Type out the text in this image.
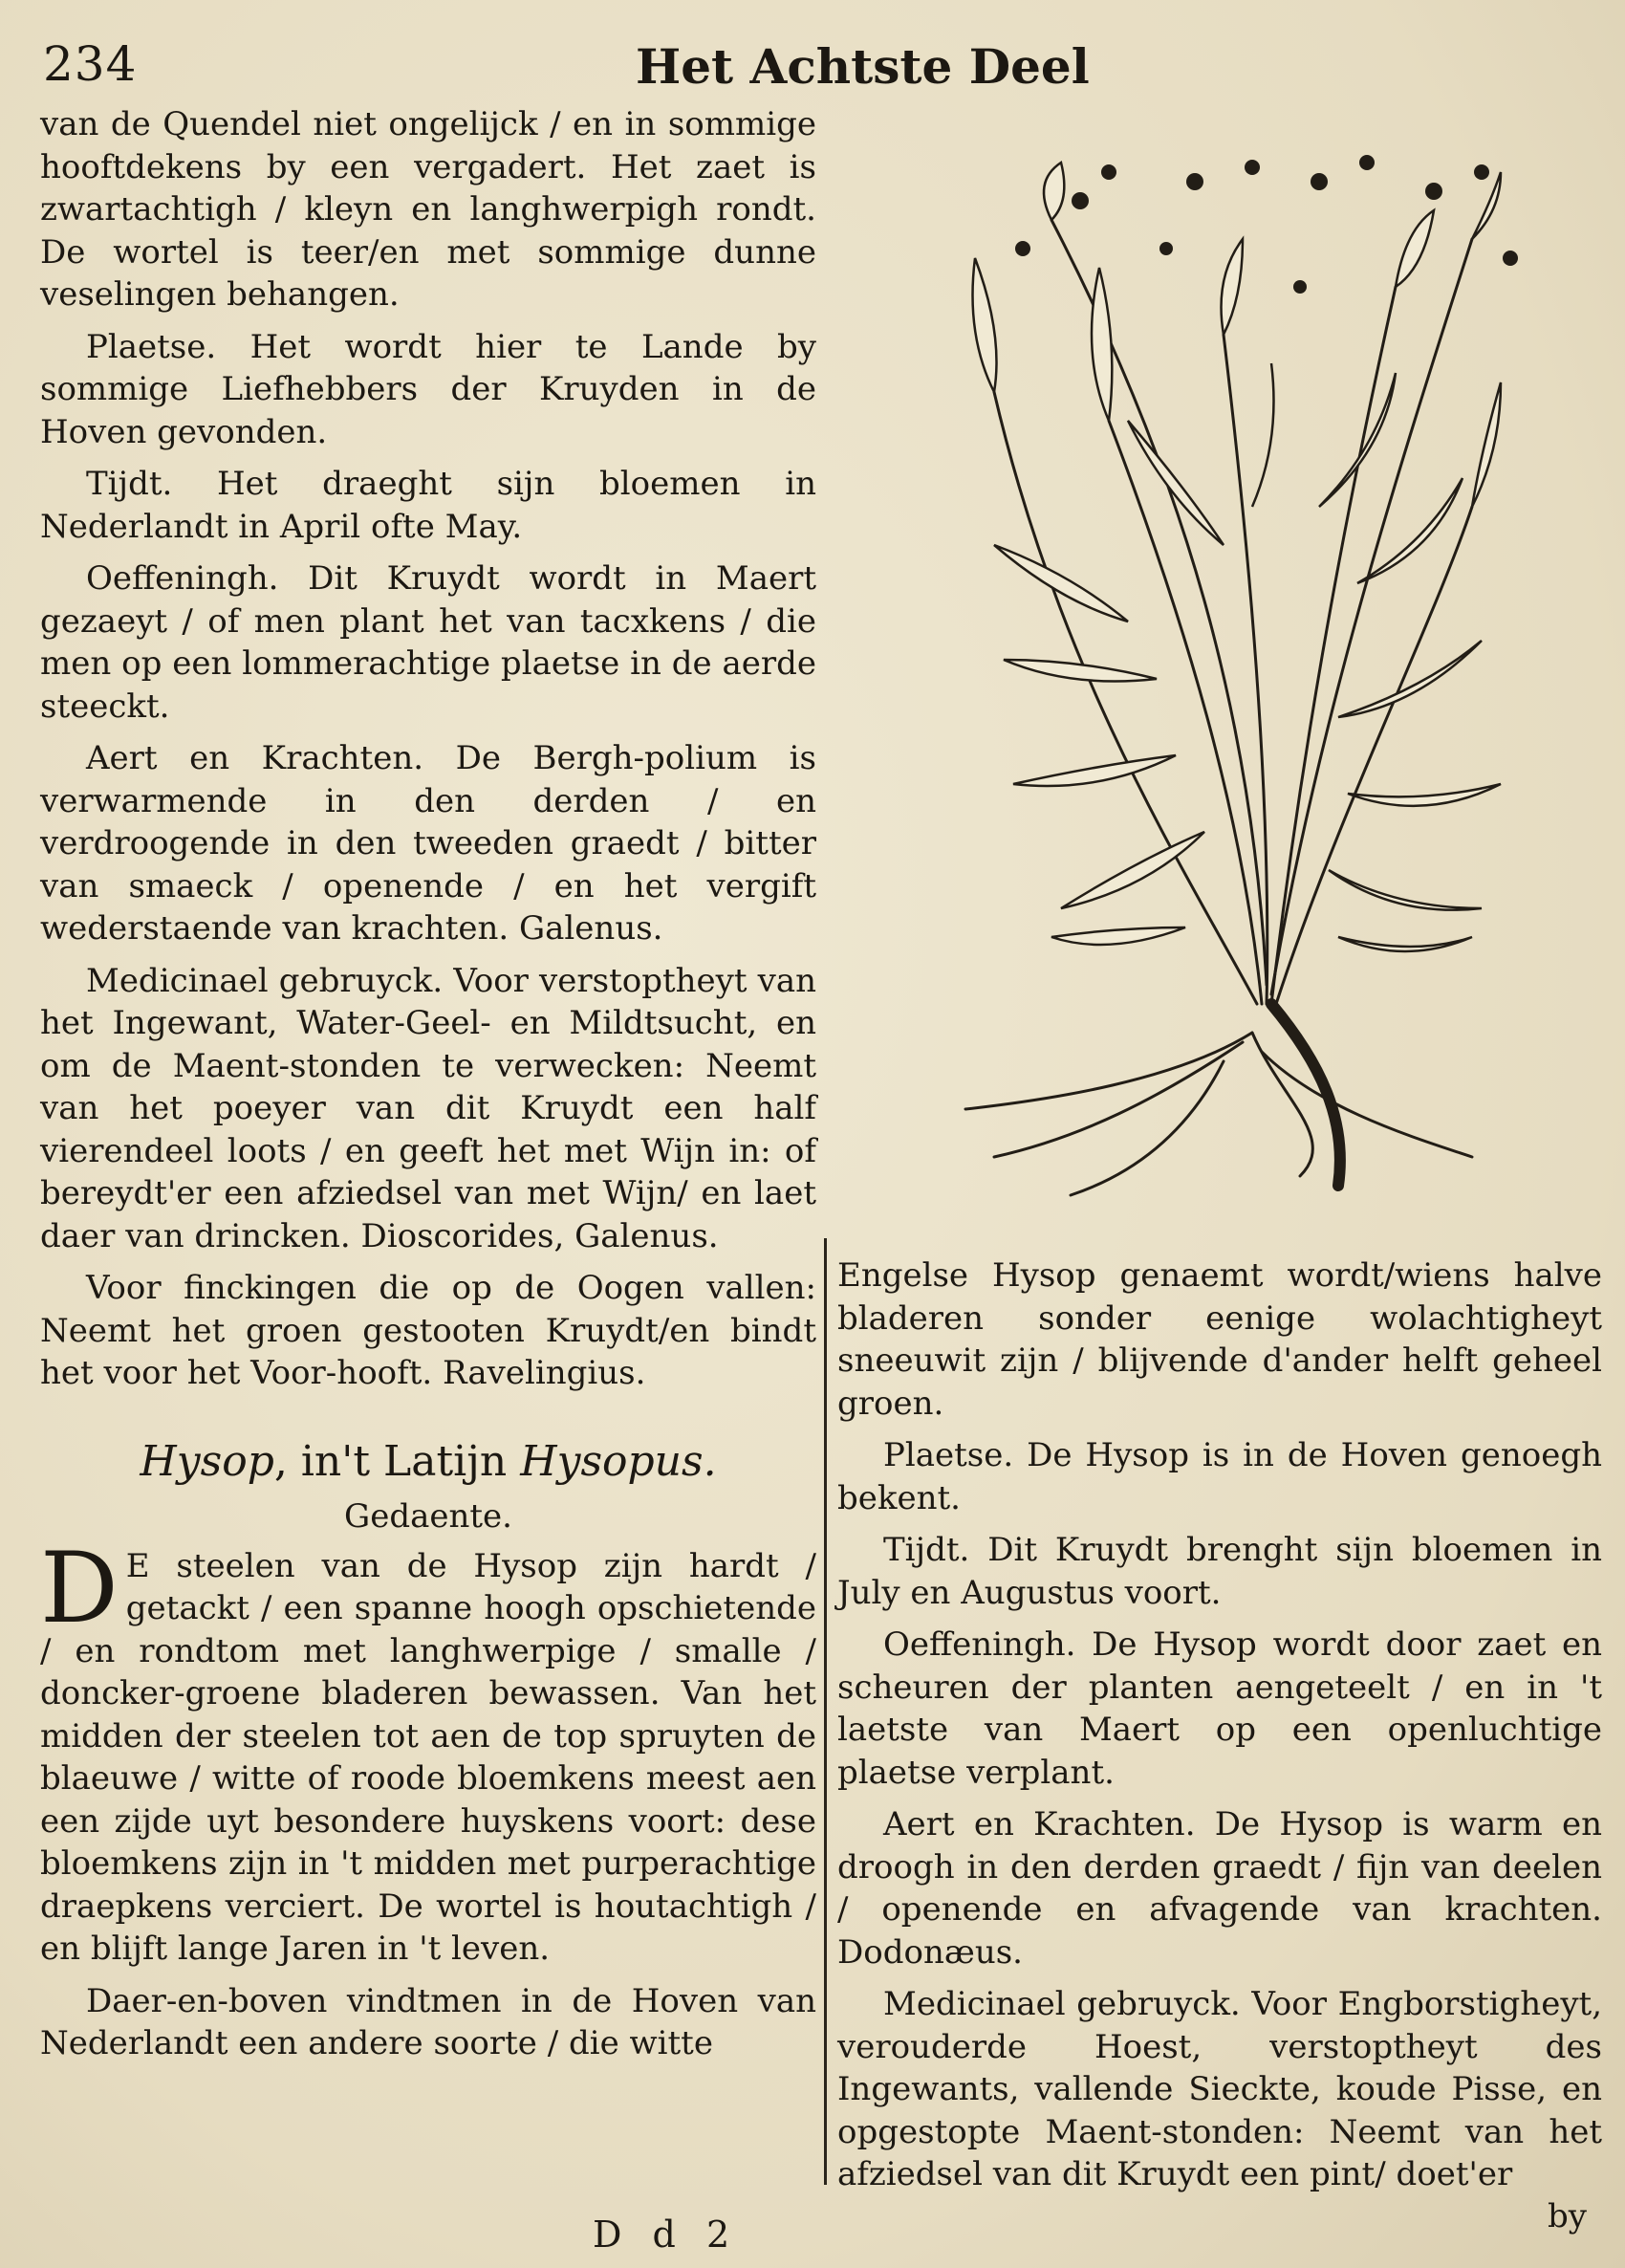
234	Het Achtste Deel

van de Quendel niet ongelijck / en in sommige hooftdekens by een vergadert. Het zaet is zwartachtigh / kleyn en langhwerpigh rondt. De wortel is teer/en met sommige dunne veselingen behangen.

Plaetse. Het wordt hier te Lande by sommige Liefhebbers der Kruyden in de Hoven gevonden.

Tijdt. Het draeght sijn bloemen in Nederlandt in April ofte May.

Oeffeningh. Dit Kruydt wordt in Maert gezaeyt / of men plant het van tacxkens / die men op een lommerachtige plaetse in de aerde steeckt.

Aert en Krachten. De Bergh-polium is verwarmende in den derden / en verdroogende in den tweeden graedt / bitter van smaeck / openende / en het vergift wederstaende van krachten. Galenus.

Medicinael gebruyck. Voor verstoptheyt van het Ingewant, Water-Geel- en Mildtsucht, en om de Maent-stonden te verwecken: Neemt van het poeyer van dit Kruydt een half vierendeel loots / en geeft het met Wijn in: of bereydt'er een afziedsel van met Wijn/ en laet daer van drincken. Dioscorides, Galenus.

Voor finckingen die op de Oogen vallen: Neemt het groen gestooten Kruydt/en bindt het voor het Voor-hooft. Ravelingius.

Hysop, in't Latijn Hysopus.
Gedaente.

D E steelen van de Hysop zijn hardt / getackt / een spanne hoogh opschietende / en rondtom met langhwerpige / smalle / doncker-groene bladeren bewassen. Van het midden der steelen tot aen de top spruyten de blaeuwe / witte of roode bloemkens meest aen een zijde uyt besondere huyskens voort: dese bloemkens zijn in 't midden met purperachtige draepkens verciert. De wortel is houtachtigh / en blijft lange Jaren in 't leven.

Daer-en-boven vindtmen in de Hoven van Nederlandt een andere soorte / die witte

Engelse Hysop genaemt wordt/wiens halve bladeren sonder eenige wolachtigheyt sneeuwit zijn / blijvende d'ander helft geheel groen.

Plaetse. De Hysop is in de Hoven genoegh bekent.

Tijdt. Dit Kruydt brenght sijn bloemen in July en Augustus voort.

Oeffeningh. De Hysop wordt door zaet en scheuren der planten aengeteelt / en in 't laetste van Maert op een openluchtige plaetse verplant.

Aert en Krachten. De Hysop is warm en droogh in den derden graedt / fijn van deelen / openende en afvagende van krachten. Dodonæus.

Medicinael gebruyck. Voor Engborstigheyt, verouderde Hoest, verstoptheyt des Ingewants, vallende Sieckte, koude Pisse, en opgestopte Maent-stonden: Neemt van het afziedsel van dit Kruydt een pint/ doet'er

by
D d 2
